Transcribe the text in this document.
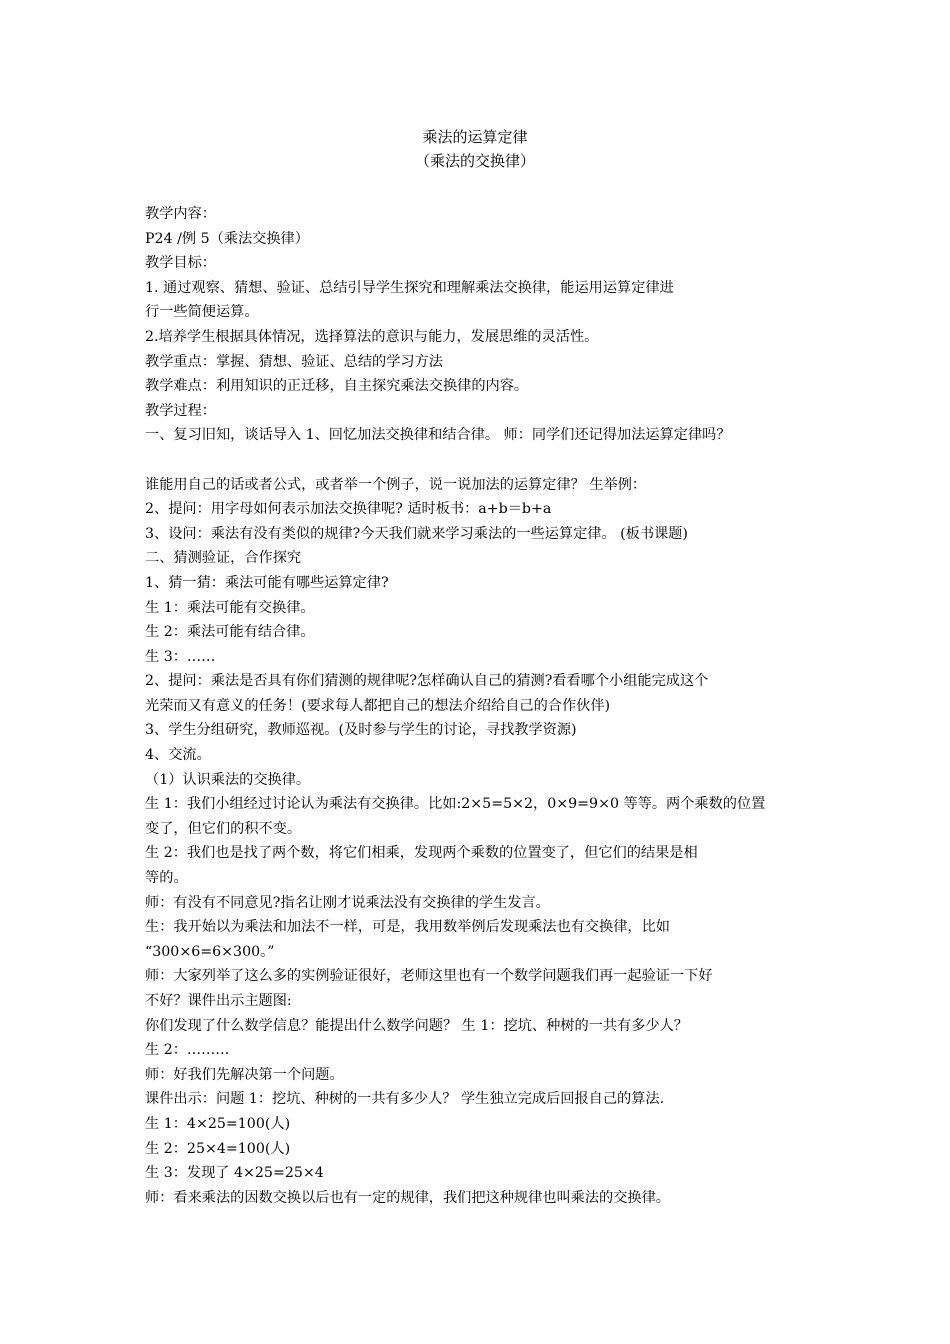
乘法的运算定律
（乘法的交换律）
教学内容：
P24 /例 5（乘法交换律）
教学目标：
1. 通过观察、猜想、验证、总结引导学生探究和理解乘法交换律，能运用运算定律进
行一些简便运算。
2.培养学生根据具体情况，选择算法的意识与能力，发展思维的灵活性。
教学重点：掌握、猜想、验证、总结的学习方法
教学难点：利用知识的正迁移，自主探究乘法交换律的内容。
教学过程：
一、复习旧知，谈话导入 1、回忆加法交换律和结合律。 师：同学们还记得加法运算定律吗？
谁能用自己的话或者公式，或者举一个例子，说一说加法的运算定律？ 生举例：
2、提问：用字母如何表示加法交换律呢? 适时板书：a+b＝b+a
3、设问：乘法有没有类似的规律?今天我们就来学习乘法的一些运算定律。 (板书课题)
二、猜测验证，合作探究
1、猜一猜：乘法可能有哪些运算定律?
生 1：乘法可能有交换律。
生 2：乘法可能有结合律。
生 3：……
2、提问：乘法是否具有你们猜测的规律呢?怎样确认自己的猜测?看看哪个小组能完成这个
光荣而又有意义的任务！(要求每人都把自己的想法介绍给自己的合作伙伴)
3、学生分组研究，教师巡视。(及时参与学生的讨论，寻找教学资源)
4、交流。
（1）认识乘法的交换律。
生 1：我们小组经过讨论认为乘法有交换律。比如:2×5=5×2，0×9=9×0 等等。两个乘数的位置
变了，但它们的积不变。
生 2：我们也是找了两个数，将它们相乘，发现两个乘数的位置变了，但它们的结果是相
等的。
师：有没有不同意见?指名让刚才说乘法没有交换律的学生发言。
生：我开始以为乘法和加法不一样，可是，我用数举例后发现乘法也有交换律，比如
“300×6=6×300。”
师：大家列举了这么多的实例验证很好，老师这里也有一个数学问题我们再一起验证一下好
不好？课件出示主题图:
你们发现了什么数学信息？能提出什么数学问题？ 生 1：挖坑、种树的一共有多少人？
生 2：………
师：好我们先解决第一个问题。
课件出示：问题 1：挖坑、种树的一共有多少人？ 学生独立完成后回报自己的算法.
生 1：4×25=100(人)
生 2：25×4=100(人)
生 3：发现了 4×25=25×4
师：看来乘法的因数交换以后也有一定的规律，我们把这种规律也叫乘法的交换律。
